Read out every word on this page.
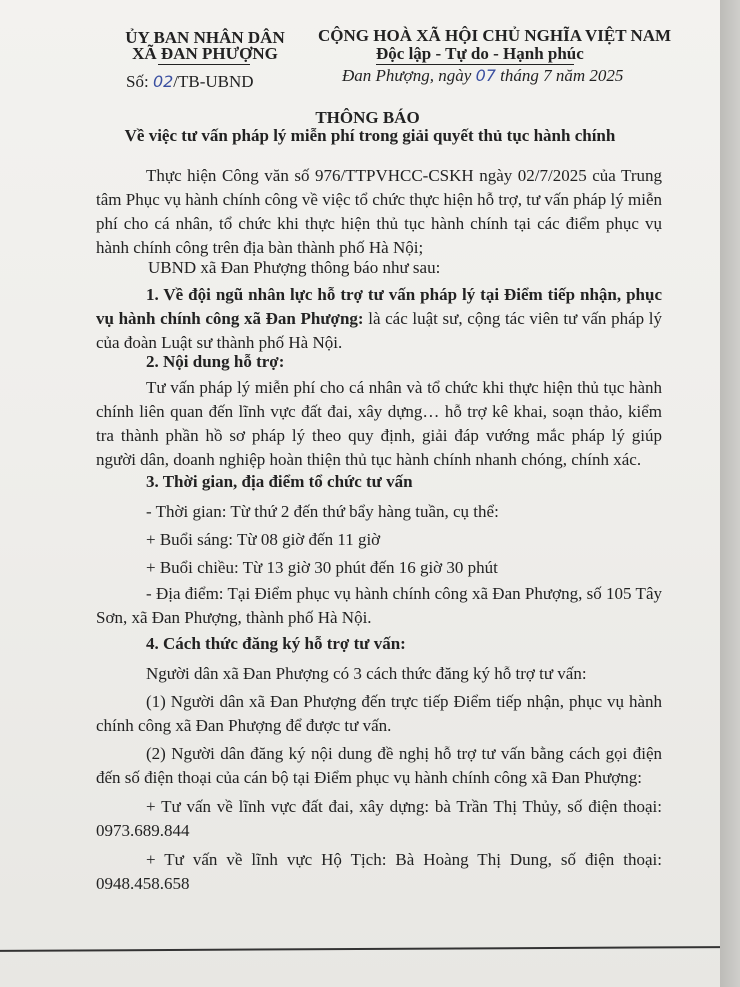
ỦY BAN NHÂN DÂN
XÃ ĐAN PHƯỢNG
Số: 02/TB-UBND
CỘNG HOÀ XÃ HỘI CHỦ NGHĨA VIỆT NAM
Độc lập - Tự do - Hạnh phúc
Đan Phượng, ngày 07 tháng 7 năm 2025
THÔNG BÁO
Về việc tư vấn pháp lý miễn phí trong giải quyết thủ tục hành chính
Thực hiện Công văn số 976/TTPVHCC-CSKH ngày 02/7/2025 của Trung tâm Phục vụ hành chính công về việc tổ chức thực hiện hỗ trợ, tư vấn pháp lý miễn phí cho cá nhân, tổ chức khi thực hiện thủ tục hành chính tại các điểm phục vụ hành chính công trên địa bàn thành phố Hà Nội;
UBND xã Đan Phượng thông báo như sau:
1. Về đội ngũ nhân lực hỗ trợ tư vấn pháp lý tại Điểm tiếp nhận, phục vụ hành chính công xã Đan Phượng: là các luật sư, cộng tác viên tư vấn pháp lý của đoàn Luật sư thành phố Hà Nội.
2. Nội dung hỗ trợ:
Tư vấn pháp lý miễn phí cho cá nhân và tổ chức khi thực hiện thủ tục hành chính liên quan đến lĩnh vực đất đai, xây dựng… hỗ trợ kê khai, soạn thảo, kiểm tra thành phần hồ sơ pháp lý theo quy định, giải đáp vướng mắc pháp lý giúp người dân, doanh nghiệp hoàn thiện thủ tục hành chính nhanh chóng, chính xác.
3. Thời gian, địa điểm tổ chức tư vấn
- Thời gian: Từ thứ 2 đến thứ bẩy hàng tuần, cụ thể:
+ Buổi sáng: Từ 08 giờ đến 11 giờ
+ Buổi chiều: Từ 13 giờ 30 phút đến 16 giờ 30 phút
- Địa điểm: Tại Điểm phục vụ hành chính công xã Đan Phượng, số 105 Tây Sơn, xã Đan Phượng, thành phố Hà Nội.
4. Cách thức đăng ký hỗ trợ tư vấn:
Người dân xã Đan Phượng có 3 cách thức đăng ký hỗ trợ tư vấn:
(1) Người dân xã Đan Phượng đến trực tiếp Điểm tiếp nhận, phục vụ hành chính công xã Đan Phượng để được tư vấn.
(2) Người dân đăng ký nội dung đề nghị hỗ trợ tư vấn bằng cách gọi điện đến số điện thoại của cán bộ tại Điểm phục vụ hành chính công xã Đan Phượng:
+ Tư vấn về lĩnh vực đất đai, xây dựng: bà Trần Thị Thủy, số điện thoại: 0973.689.844
+ Tư vấn về lĩnh vực Hộ Tịch: Bà Hoàng Thị Dung, số điện thoại: 0948.458.658
